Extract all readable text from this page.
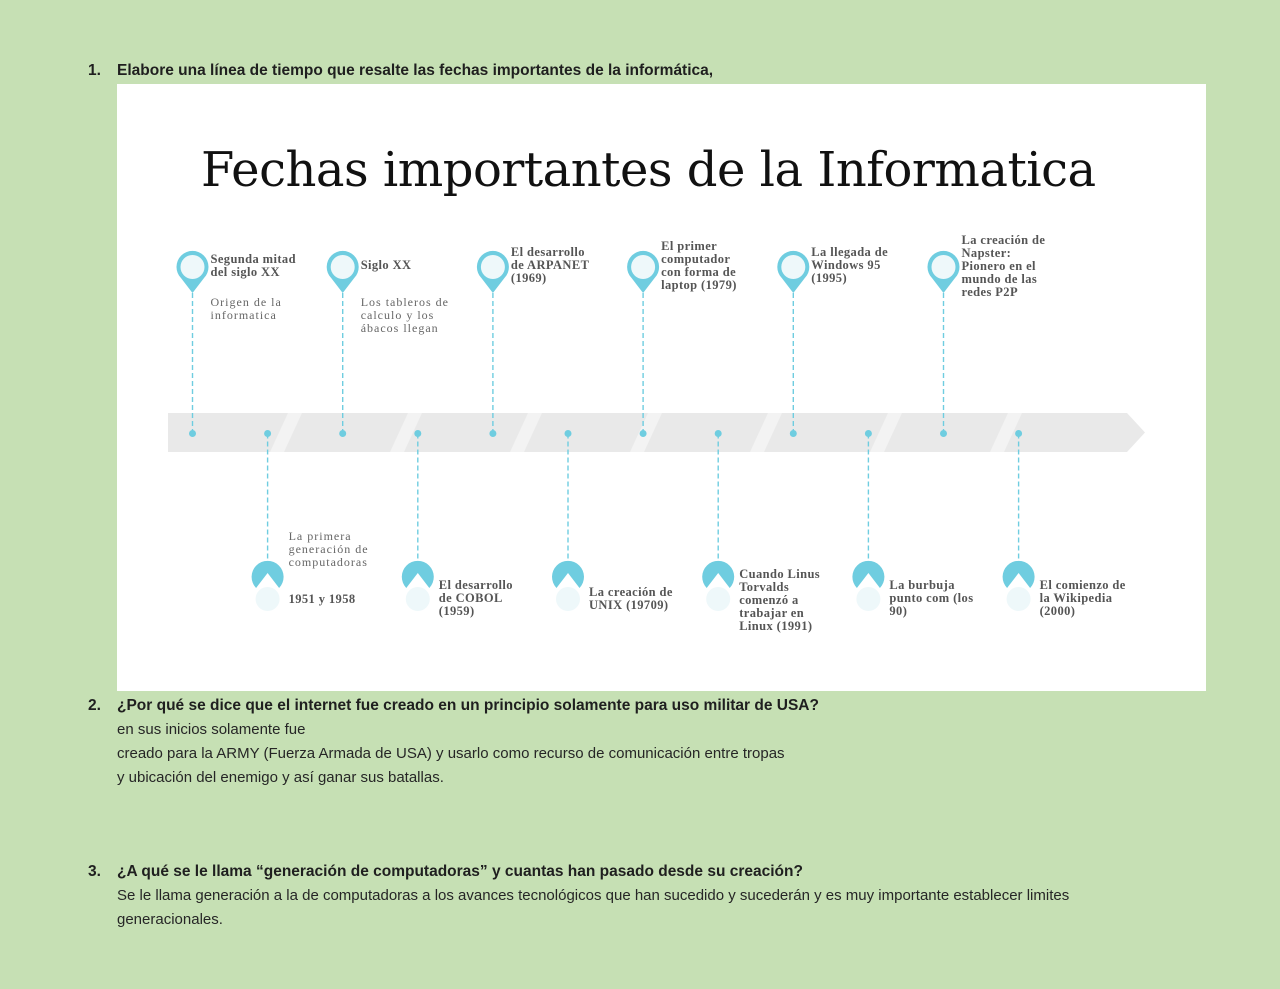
1. Elabore una línea de tiempo que resalte las fechas importantes de la informática,
Fechas importantes de la Informatica
Segunda mitad
del siglo XX
Origen de la
informatica
Siglo XX
Los tableros de
calculo y los
ábacos llegan
El desarrollo
de ARPANET
(1969)
El primer
computador
con forma de
laptop (1979)
La llegada de
Windows 95
(1995)
La creación de
Napster:
Pionero en el
mundo de las
redes P2P
1951 y 1958
La primera
generación de
computadoras
El desarrollo
de COBOL
(1959)
La creación de
UNIX (19709)
Cuando Linus
Torvalds
comenzó a
trabajar en
Linux (1991)
La burbuja
punto com (los
90)
El comienzo de
la Wikipedia
(2000)
2. ¿Por qué se dice que el internet fue creado en un principio solamente para uso militar de USA?
en sus inicios solamente fue
creado para la ARMY (Fuerza Armada de USA) y usarlo como recurso de comunicación entre tropas
y ubicación del enemigo y así ganar sus batallas.
3. ¿A qué se le llama “generación de computadoras” y cuantas han pasado desde su creación?
Se le llama generación a la de computadoras a los avances tecnológicos que han sucedido y sucederán y es muy importante establecer limites
generacionales.
